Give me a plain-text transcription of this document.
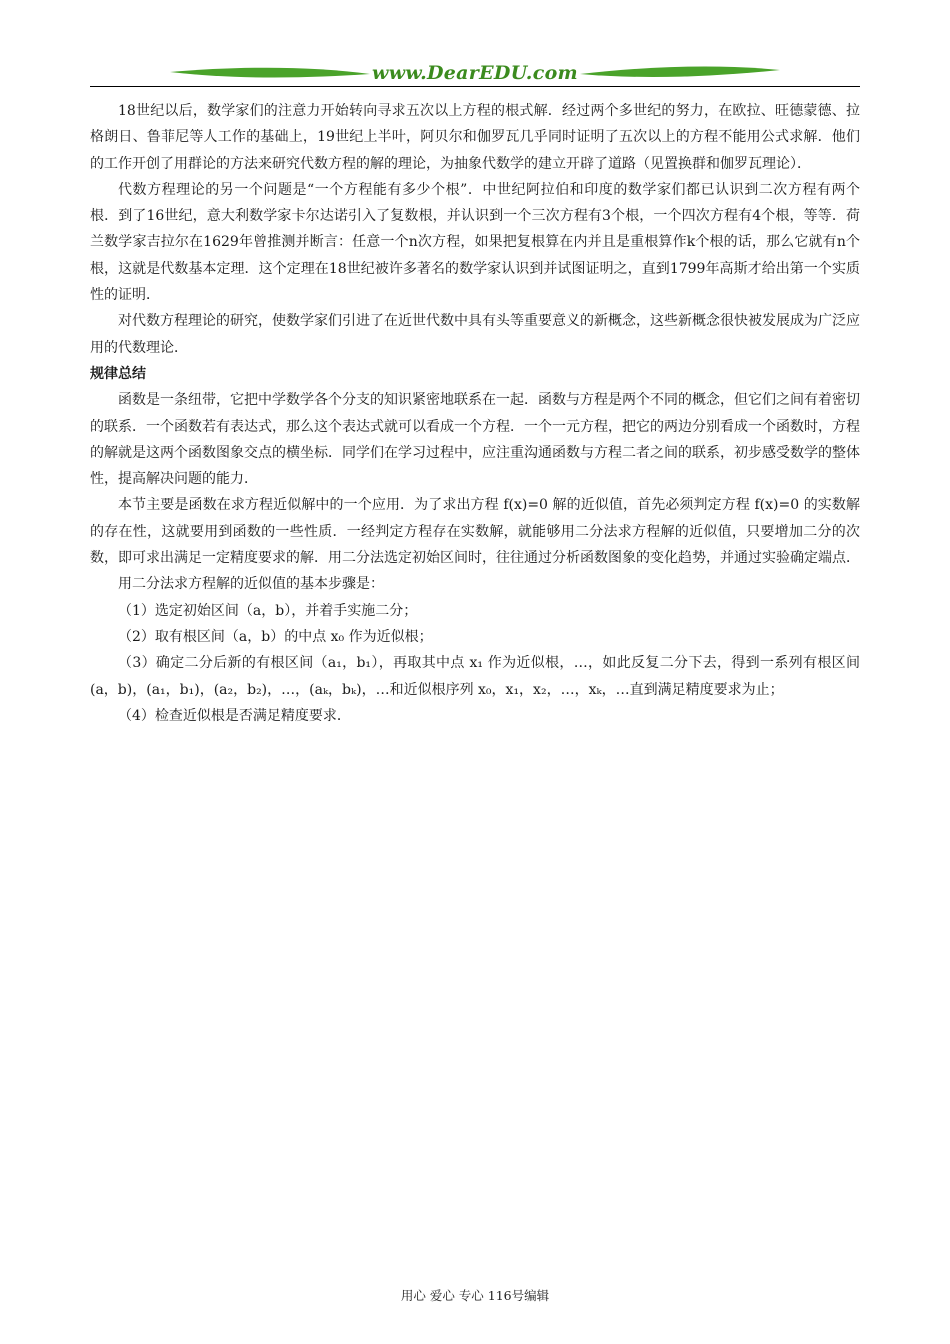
www.DearEDU.com

18世纪以后，数学家们的注意力开始转向寻求五次以上方程的根式解．经过两个多世纪的努力，在欧拉、旺德蒙德、拉格朗日、鲁菲尼等人工作的基础上，19世纪上半叶，阿贝尔和伽罗瓦几乎同时证明了五次以上的方程不能用公式求解．他们的工作开创了用群论的方法来研究代数方程的解的理论，为抽象代数学的建立开辟了道路（见置换群和伽罗瓦理论）．

代数方程理论的另一个问题是“一个方程能有多少个根”．中世纪阿拉伯和印度的数学家们都已认识到二次方程有两个根．到了16世纪，意大利数学家卡尔达诺引入了复数根，并认识到一个三次方程有3个根，一个四次方程有4个根，等等．荷兰数学家吉拉尔在1629年曾推测并断言：任意一个n次方程，如果把复根算在内并且是重根算作k个根的话，那么它就有n个根，这就是代数基本定理．这个定理在18世纪被许多著名的数学家认识到并试图证明之，直到1799年高斯才给出第一个实质性的证明．

对代数方程理论的研究，使数学家们引进了在近世代数中具有头等重要意义的新概念，这些新概念很快被发展成为广泛应用的代数理论．

规律总结

函数是一条纽带，它把中学数学各个分支的知识紧密地联系在一起．函数与方程是两个不同的概念，但它们之间有着密切的联系．一个函数若有表达式，那么这个表达式就可以看成一个方程．一个一元方程，把它的两边分别看成一个函数时，方程的解就是这两个函数图象交点的横坐标．同学们在学习过程中，应注重沟通函数与方程二者之间的联系，初步感受数学的整体性，提高解决问题的能力．

本节主要是函数在求方程近似解中的一个应用．为了求出方程 f(x)=0 解的近似值，首先必须判定方程 f(x)=0 的实数解的存在性，这就要用到函数的一些性质．一经判定方程存在实数解，就能够用二分法求方程解的近似值，只要增加二分的次数，即可求出满足一定精度要求的解．用二分法选定初始区间时，往往通过分析函数图象的变化趋势，并通过实验确定端点．

用二分法求方程解的近似值的基本步骤是：

（1）选定初始区间（a，b），并着手实施二分；

（2）取有根区间（a，b）的中点 x₀ 作为近似根；

（3）确定二分后新的有根区间（a₁，b₁），再取其中点 x₁ 作为近似根，…，如此反复二分下去，得到一系列有根区间(a，b)，(a₁，b₁)，(a₂，b₂)，…，(aₖ，bₖ)，…和近似根序列 x₀，x₁，x₂，…，xₖ，…直到满足精度要求为止；

（4）检查近似根是否满足精度要求．

用心 爱心 专心 116号编辑
